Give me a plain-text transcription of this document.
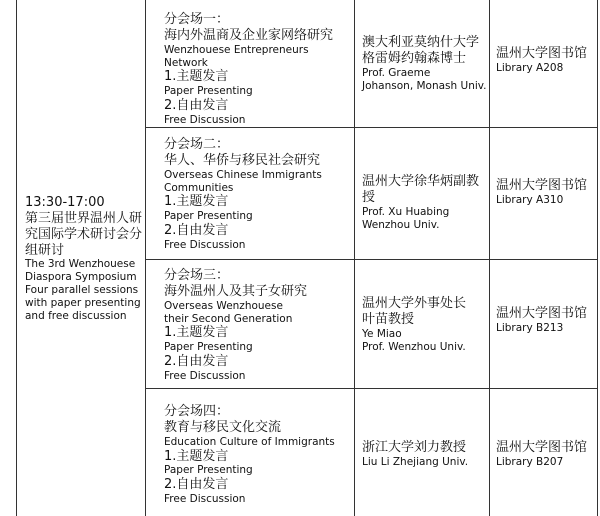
13:30-17:00
第三届世界温州人研
究国际学术研讨会分
组研讨
The 3rd Wenzhouese
Diaspora Symposium
Four parallel sessions
with paper presenting
and free discussion
分会场一：
海内外温商及企业家网络研究
Wenzhouese Entrepreneurs Network
1.主题发言
Paper Presenting
2.自由发言
Free Discussion
澳大利亚莫纳什大学
格雷姆约翰森博士
Prof. Graeme
Johanson, Monash Univ.
温州大学图书馆
Library A208
分会场二：
华人、华侨与移民社会研究
Overseas Chinese Immigrants
Communities
1.主题发言
Paper Presenting
2.自由发言
Free Discussion
温州大学徐华炳副教授
Prof. Xu Huabing
Wenzhou Univ.
温州大学图书馆
Library A310
分会场三：
海外温州人及其子女研究
Overseas Wenzhouese
their Second Generation
1.主题发言
Paper Presenting
2.自由发言
Free Discussion
温州大学外事处长
叶苗教授
Ye Miao
Prof. Wenzhou Univ.
温州大学图书馆
Library B213
分会场四：
教育与移民文化交流
Education Culture of Immigrants
1.主题发言
Paper Presenting
2.自由发言
Free Discussion
浙江大学刘力教授
Liu Li Zhejiang Univ.
温州大学图书馆
Library B207
